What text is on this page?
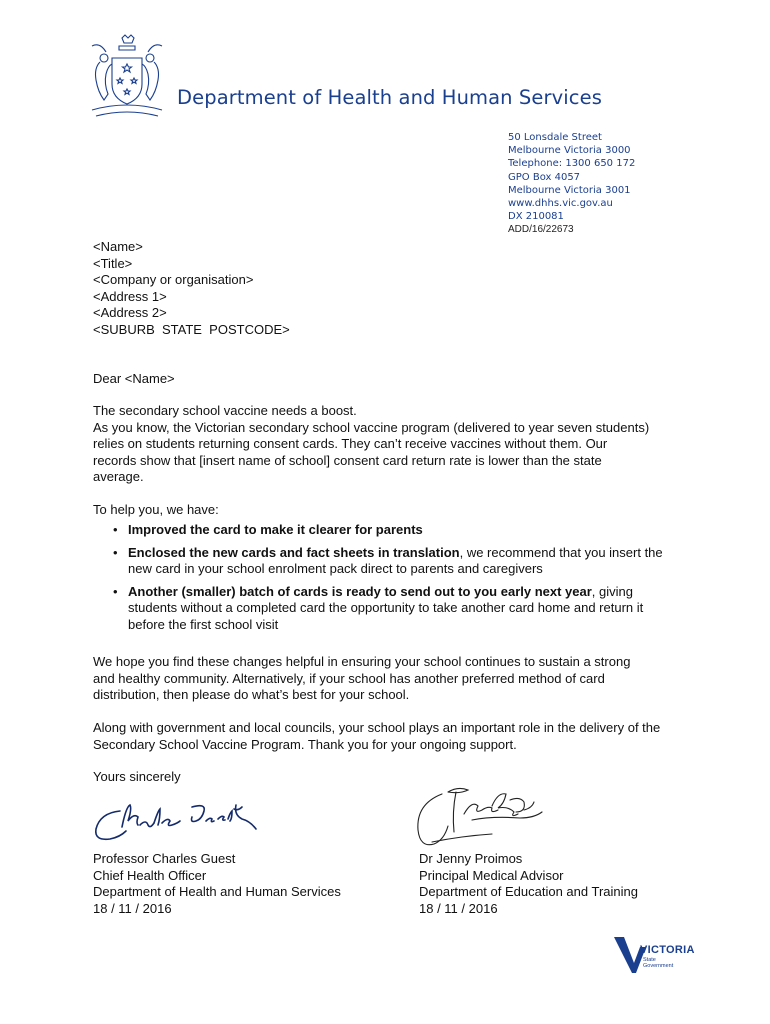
Department of Health and Human Services
50 Lonsdale Street
Melbourne Victoria 3000
Telephone: 1300 650 172
GPO Box 4057
Melbourne Victoria 3001
www.dhhs.vic.gov.au
DX 210081
ADD/16/22673
<Name>
<Title>
<Company or organisation>
<Address 1>
<Address 2>
<SUBURB  STATE  POSTCODE>
Dear <Name>

The secondary school vaccine needs a boost.

As you know, the Victorian secondary school vaccine program (delivered to year seven students) relies on students returning consent cards. They can’t receive vaccines without them. Our records show that [insert name of school] consent card return rate is lower than the state average.

To help you, we have:
• Improved the card to make it clearer for parents
• Enclosed the new cards and fact sheets in translation, we recommend that you insert the new card in your school enrolment pack direct to parents and caregivers
• Another (smaller) batch of cards is ready to send out to you early next year, giving students without a completed card the opportunity to take another card home and return it before the first school visit
We hope you find these changes helpful in ensuring your school continues to sustain a strong and healthy community. Alternatively, if your school has another preferred method of card distribution, then please do what’s best for your school.
Along with government and local councils, your school plays an important role in the delivery of the Secondary School Vaccine Program. Thank you for your ongoing support.
Yours sincerely
Professor Charles Guest
Chief Health Officer
Department of Health and Human Services
18 / 11 / 2016
Dr Jenny Proimos
Principal Medical Advisor
Department of Education and Training
18 / 11 / 2016
VICTORIA
State
Government
